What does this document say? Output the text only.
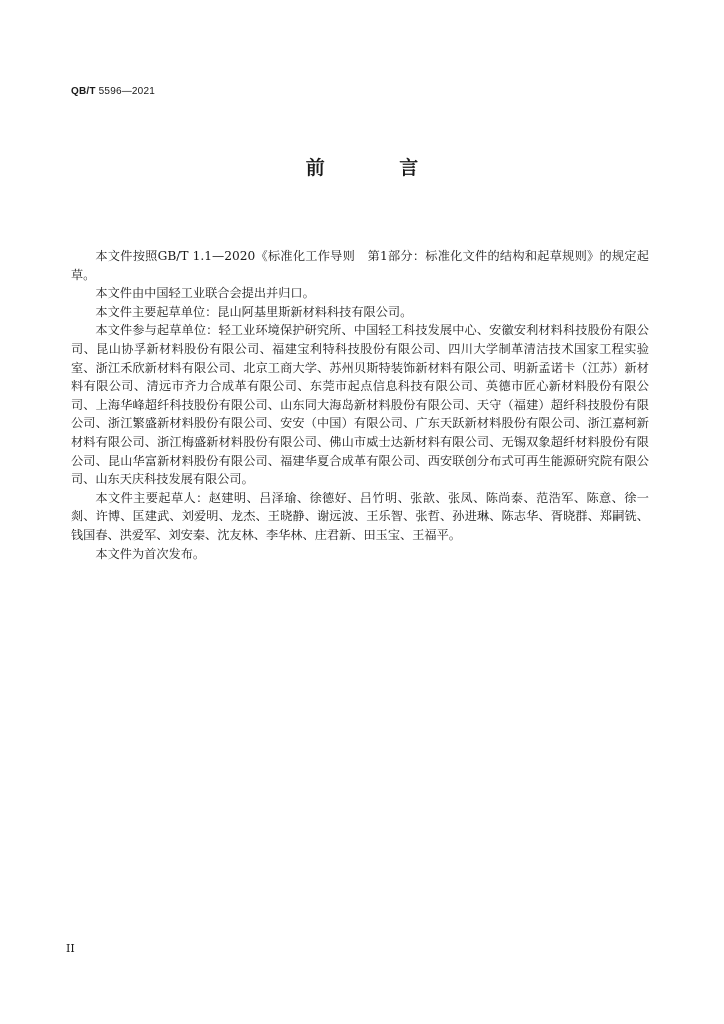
QB/T 5596—2021
前 言

本文件按照GB/T 1.1—2020《标准化工作导则　第1部分：标准化文件的结构和起草规则》的规定起草。

本文件由中国轻工业联合会提出并归口。

本文件主要起草单位：昆山阿基里斯新材料科技有限公司。

本文件参与起草单位：轻工业环境保护研究所、中国轻工科技发展中心、安徽安利材料科技股份有限公司、昆山协孚新材料股份有限公司、福建宝利特科技股份有限公司、四川大学制革清洁技术国家工程实验室、浙江禾欣新材料有限公司、北京工商大学、苏州贝斯特装饰新材料有限公司、明新孟诺卡（江苏）新材料有限公司、清远市齐力合成革有限公司、东莞市起点信息科技有限公司、英德市匠心新材料股份有限公司、上海华峰超纤科技股份有限公司、山东同大海岛新材料股份有限公司、天守（福建）超纤科技股份有限公司、浙江繁盛新材料股份有限公司、安安（中国）有限公司、广东天跃新材料股份有限公司、浙江嘉柯新材料有限公司、浙江梅盛新材料股份有限公司、佛山市威士达新材料有限公司、无锡双象超纤材料股份有限公司、昆山华富新材料股份有限公司、福建华夏合成革有限公司、西安联创分布式可再生能源研究院有限公司、山东天庆科技发展有限公司。

本文件主要起草人：赵建明、吕泽瑜、徐德好、吕竹明、张歆、张凤、陈尚泰、范浩军、陈意、徐一剡、许博、匡建武、刘爱明、龙杰、王晓静、谢远波、王乐智、张哲、孙进琳、陈志华、胥晓群、郑嗣铣、钱国春、洪爱军、刘安秦、沈友林、李华林、庄君新、田玉宝、王福平。

本文件为首次发布。

II
